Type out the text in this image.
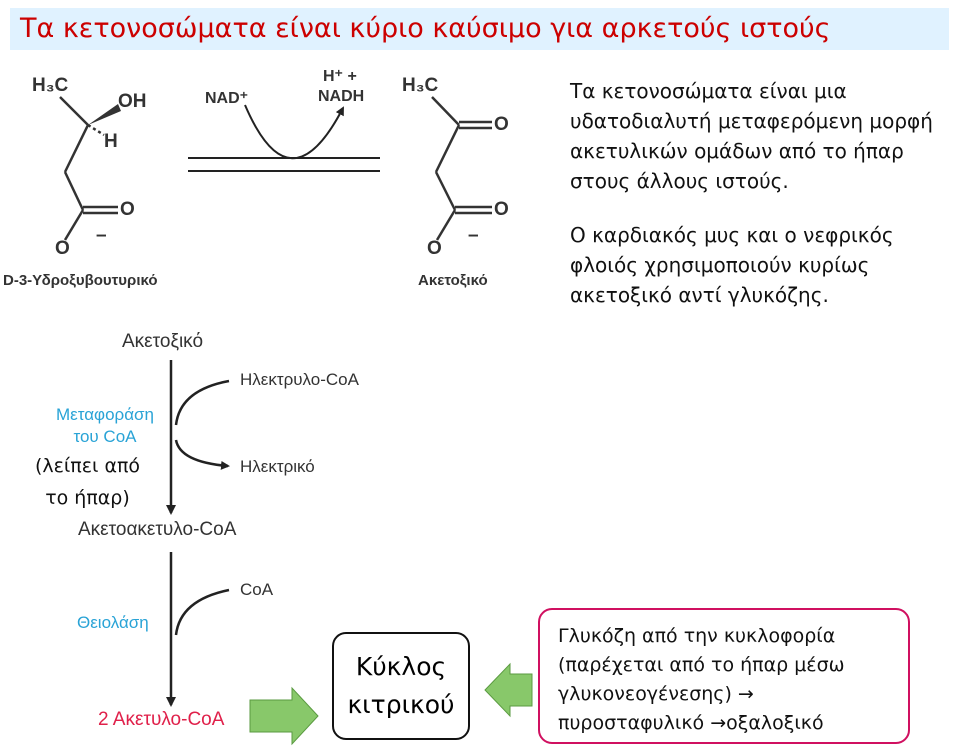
Τα κετονοσώματα είναι κύριο καύσιμο για αρκετούς ιστούς
H₃C
OH
H
O
O
–
D-3-Υδροξυβουτυρικό
NAD⁺
H⁺ +
NADH
H₃C
O
O
O
–
Ακετοξικό
Τα κετονοσώματα είναι μια υδατοδιαλυτή μεταφερόμενη μορφή ακετυλικών ομάδων από το ήπαρ στους άλλους ιστούς.
Ο καρδιακός μυς και ο νεφρικός φλοιός χρησιμοποιούν κυρίως ακετοξικό αντί γλυκόζης.
Ακετοξικό
Ηλεκτρυλο-CoA
Μεταφοράση
του CoA
(λείπει από
το ήπαρ)
Ηλεκτρικό
Ακετοακετυλο-CoA
CoA
Θειολάση
2 Ακετυλο-CoA
Κύκλος
κιτρικού
Γλυκόζη από την κυκλοφορία
(παρέχεται από το ήπαρ μέσω
γλυκονεογένεσης) →
πυροσταφυλικό →οξαλοξικό
